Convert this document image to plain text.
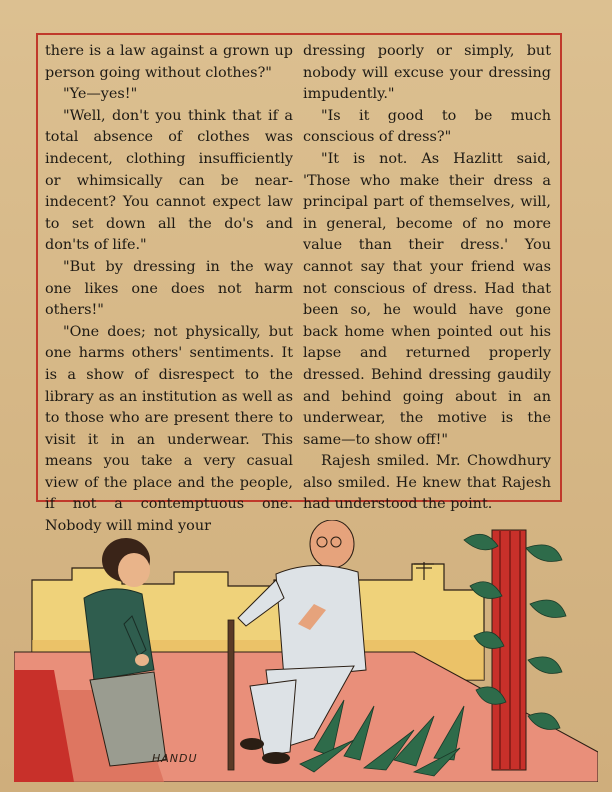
there is a law against a grown up person going without clothes?"

"Ye—yes!"

"Well, don't you think that if a total absence of clothes was indecent, clothing insufficiently or whimsically can be near-indecent? You cannot expect law to set down all the do's and don'ts of life."

"But by dressing in the way one likes one does not harm others!"

"One does; not physically, but one harms others' sentiments. It is a show of disrespect to the library as an institution as well as to those who are present there to visit it in an underwear. This means you take a very casual view of the place and the people, if not a contemptuous one. Nobody will mind your

dressing poorly or simply, but nobody will excuse your dressing impudently."

"Is it good to be much conscious of dress?"

"It is not. As Hazlitt said, 'Those who make their dress a principal part of themselves, will, in general, become of no more value than their dress.' You cannot say that your friend was not conscious of dress. Had that been so, he would have gone back home when pointed out his lapse and returned properly dressed. Behind dressing gaudily and behind going about in an underwear, the motive is the same—to show off!"

Rajesh smiled. Mr. Chowdhury also smiled. He knew that Rajesh had understood the point.

HANDU
